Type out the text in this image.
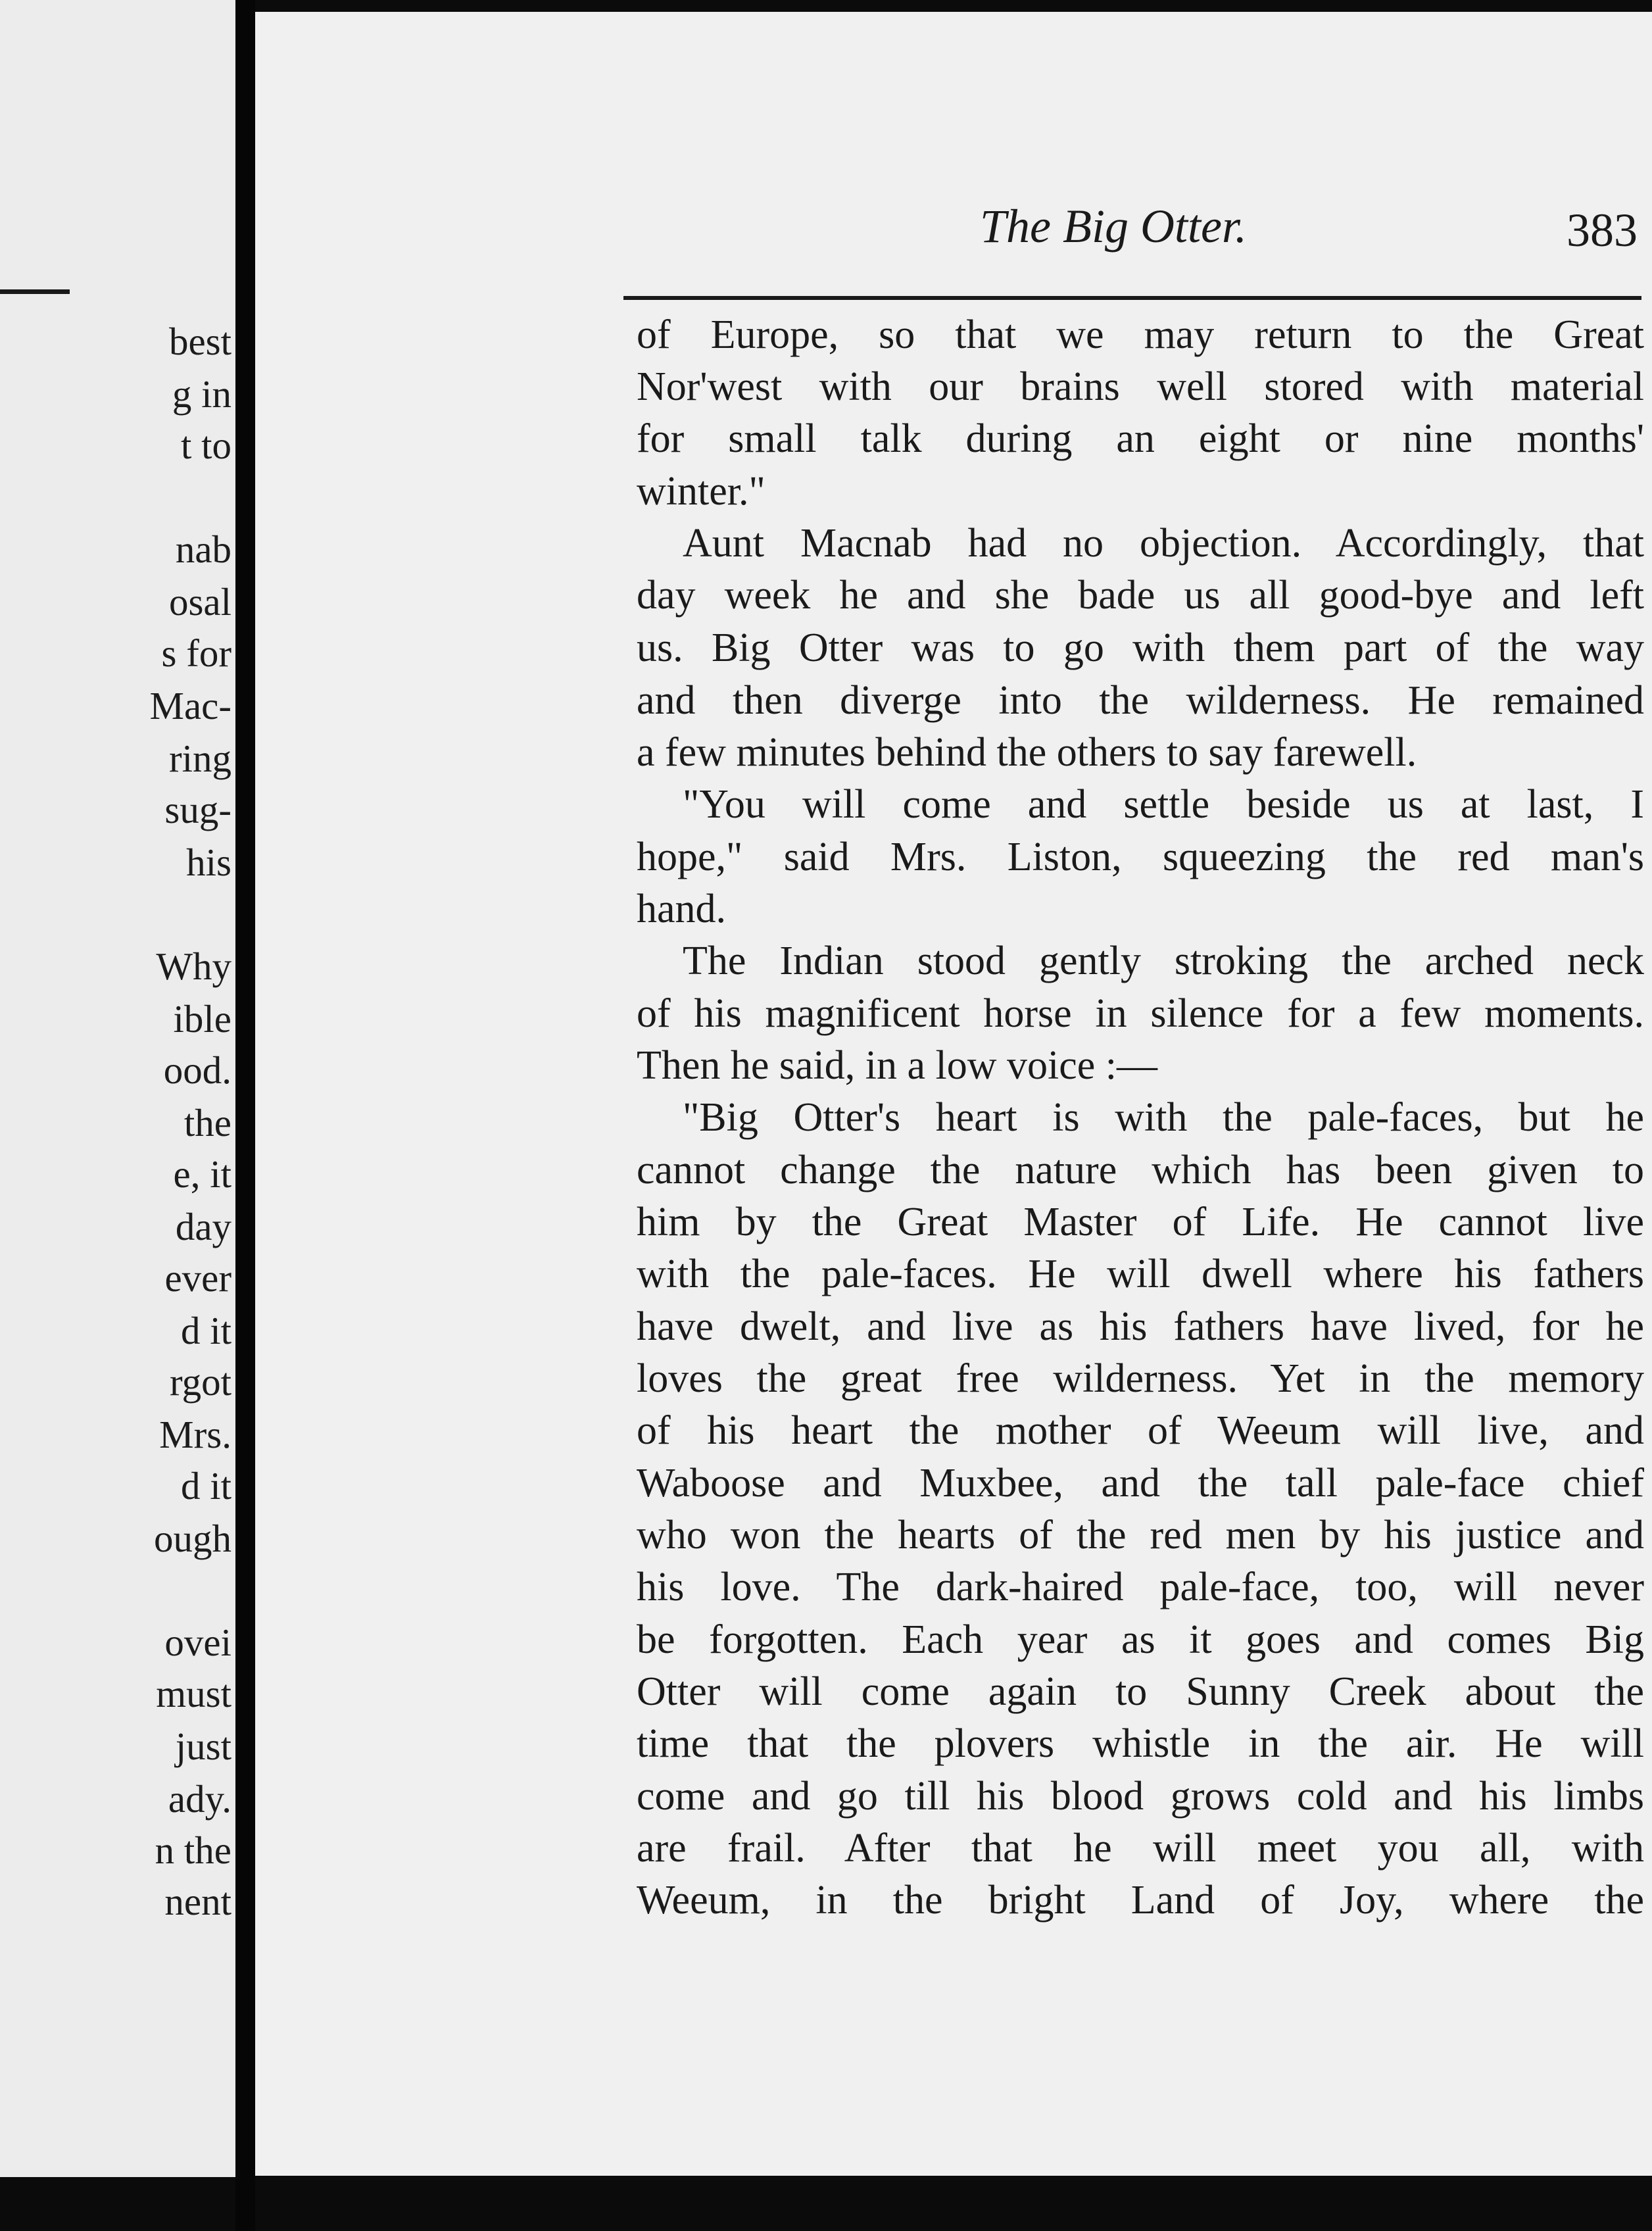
best
g in
t to
nab
osal
s for
Mac-
ring
sug-
his
Why
ible
ood.
the
e, it
day
ever
d it
rgot
Mrs.
d it
ough
ovei
must
just
ady.
n the
nent
The Big Otter.	383
of Europe, so that we may return to the Great
Nor'west with our brains well stored with material
for small talk during an eight or nine months'
winter."
Aunt Macnab had no objection. Accordingly, that
day week he and she bade us all good-bye and left
us. Big Otter was to go with them part of the way
and then diverge into the wilderness. He remained
a few minutes behind the others to say farewell.
"You will come and settle beside us at last, I
hope," said Mrs. Liston, squeezing the red man's
hand.
The Indian stood gently stroking the arched neck
of his magnificent horse in silence for a few moments.
Then he said, in a low voice :—
"Big Otter's heart is with the pale-faces, but he
cannot change the nature which has been given to
him by the Great Master of Life. He cannot live
with the pale-faces. He will dwell where his fathers
have dwelt, and live as his fathers have lived, for he
loves the great free wilderness. Yet in the memory
of his heart the mother of Weeum will live, and
Waboose and Muxbee, and the tall pale-face chief
who won the hearts of the red men by his justice and
his love. The dark-haired pale-face, too, will never
be forgotten. Each year as it goes and comes Big
Otter will come again to Sunny Creek about the
time that the plovers whistle in the air. He will
come and go till his blood grows cold and his limbs
are frail. After that he will meet you all, with
Weeum, in the bright Land of Joy, where the
